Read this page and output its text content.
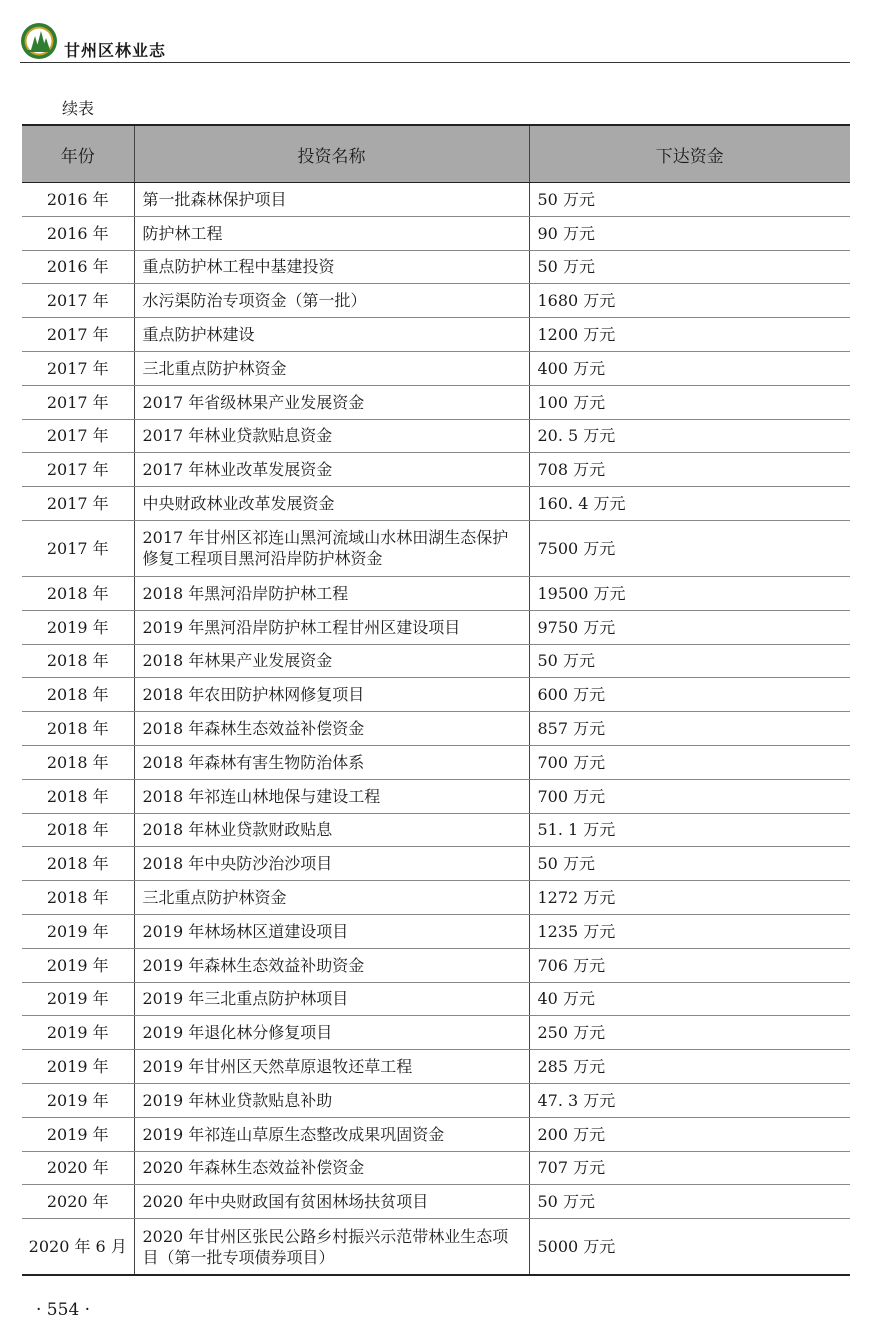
甘州区林业志
续表
年份	投资名称	下达资金
2016 年	第一批森林保护项目	50 万元
2016 年	防护林工程	90 万元
2016 年	重点防护林工程中基建投资	50 万元
2017 年	水污渠防治专项资金（第一批）	1680 万元
2017 年	重点防护林建设	1200 万元
2017 年	三北重点防护林资金	400 万元
2017 年	2017 年省级林果产业发展资金	100 万元
2017 年	2017 年林业贷款贴息资金	20. 5 万元
2017 年	2017 年林业改革发展资金	708 万元
2017 年	中央财政林业改革发展资金	160. 4 万元
2017 年	2017 年甘州区祁连山黑河流域山水林田湖生态保护修复工程项目黑河沿岸防护林资金	7500 万元
2018 年	2018 年黑河沿岸防护林工程	19500 万元
2019 年	2019 年黑河沿岸防护林工程甘州区建设项目	9750 万元
2018 年	2018 年林果产业发展资金	50 万元
2018 年	2018 年农田防护林网修复项目	600 万元
2018 年	2018 年森林生态效益补偿资金	857 万元
2018 年	2018 年森林有害生物防治体系	700 万元
2018 年	2018 年祁连山林地保与建设工程	700 万元
2018 年	2018 年林业贷款财政贴息	51. 1 万元
2018 年	2018 年中央防沙治沙项目	50 万元
2018 年	三北重点防护林资金	1272 万元
2019 年	2019 年林场林区道建设项目	1235 万元
2019 年	2019 年森林生态效益补助资金	706 万元
2019 年	2019 年三北重点防护林项目	40 万元
2019 年	2019 年退化林分修复项目	250 万元
2019 年	2019 年甘州区天然草原退牧还草工程	285 万元
2019 年	2019 年林业贷款贴息补助	47. 3 万元
2019 年	2019 年祁连山草原生态整改成果巩固资金	200 万元
2020 年	2020 年森林生态效益补偿资金	707 万元
2020 年	2020 年中央财政国有贫困林场扶贫项目	50 万元
2020 年 6 月	2020 年甘州区张民公路乡村振兴示范带林业生态项目（第一批专项债券项目）	5000 万元
· 554 ·
